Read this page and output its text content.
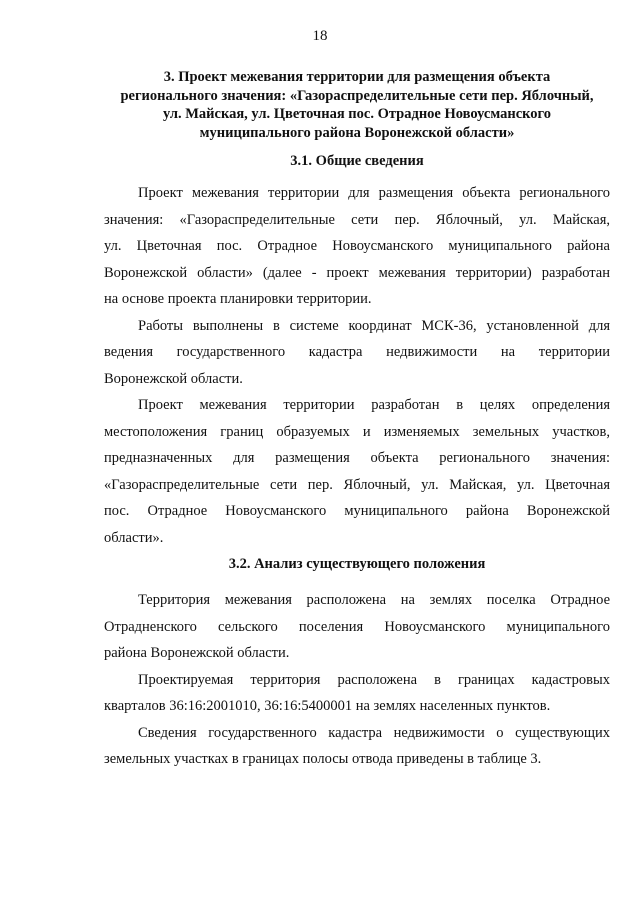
18
3. Проект межевания территории для размещения объекта
регионального значения: «Газораспределительные сети пер. Яблочный,
ул. Майская, ул. Цветочная пос. Отрадное Новоусманского
муниципального района Воронежской области»
3.1. Общие сведения
Проект межевания территории для размещения объекта регионального
значения: «Газораспределительные сети пер. Яблочный, ул. Майская,
ул. Цветочная пос. Отрадное Новоусманского муниципального района
Воронежской области» (далее - проект межевания территории) разработан
на основе проекта планировки территории.
Работы выполнены в системе координат МСК-36, установленной для
ведения государственного кадастра недвижимости на территории
Воронежской области.
Проект межевания территории разработан в целях определения
местоположения границ образуемых и изменяемых земельных участков,
предназначенных для размещения объекта регионального значения:
«Газораспределительные сети пер. Яблочный, ул. Майская, ул. Цветочная
пос. Отрадное Новоусманского муниципального района Воронежской
области».
3.2. Анализ существующего положения
Территория межевания расположена на землях поселка Отрадное
Отрадненского сельского поселения Новоусманского муниципального
района Воронежской области.
Проектируемая территория расположена в границах кадастровых
кварталов 36:16:2001010, 36:16:5400001 на землях населенных пунктов.
Сведения государственного кадастра недвижимости о существующих
земельных участках в границах полосы отвода приведены в таблице 3.
